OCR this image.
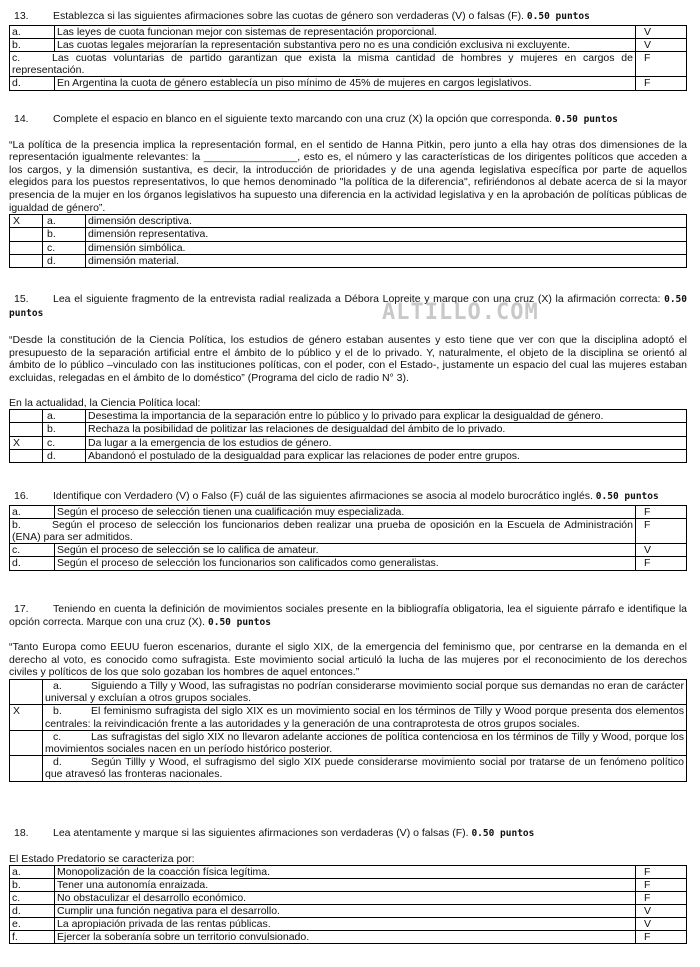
13. Establezca si las siguientes afirmaciones sobre las cuotas de género son verdaderas (V) o falsas (F). 0.50 puntos
a.	Las leyes de cuota funcionan mejor con sistemas de representación proporcional.	V
b.	Las cuotas legales mejorarían la representación substantiva pero no es una condición exclusiva ni excluyente.	V
c. Las cuotas voluntarias de partido garantizan que exista la misma cantidad de hombres y mujeres en cargos de representación.		F
d.	En Argentina la cuota de género establecía un piso mínimo de 45% de mujeres en cargos legislativos.	F
14. Complete el espacio en blanco en el siguiente texto marcando con una cruz (X) la opción que corresponda. 0.50 puntos
“La política de la presencia implica la representación formal, en el sentido de Hanna Pitkin, pero junto a ella hay otras dos dimensiones de la representación igualmente relevantes: la ________________, esto es, el número y las características de los dirigentes políticos que acceden a los cargos, y la dimensión sustantiva, es decir, la introducción de prioridades y de una agenda legislativa específica por parte de aquellos elegidos para los puestos representativos, lo que hemos denominado "la política de la diferencia", refiriéndonos al debate acerca de si la mayor presencia de la mujer en los órganos legislativos ha supuesto una diferencia en la actividad legislativa y en la aprobación de políticas públicas de igualdad de género”.
X	a.	dimensión descriptiva.
	b.	dimensión representativa.
	c.	dimensión simbólica.
	d.	dimensión material.
15. Lea el siguiente fragmento de la entrevista radial realizada a Débora Lopreite y marque con una cruz (X) la afirmación correcta: 0.50 puntos
“Desde la constitución de la Ciencia Política, los estudios de género estaban ausentes y esto tiene que ver con que la disciplina adoptó el presupuesto de la separación artificial entre el ámbito de lo público y el de lo privado. Y, naturalmente, el objeto de la disciplina se orientó al ámbito de lo público –vinculado con las instituciones políticas, con el poder, con el Estado-, justamente un espacio del cual las mujeres estaban excluidas, relegadas en el ámbito de lo doméstico” (Programa del ciclo de radio N° 3).
En la actualidad, la Ciencia Política local:
	a.	Desestima la importancia de la separación entre lo público y lo privado para explicar la desigualdad de género.
	b.	Rechaza la posibilidad de politizar las relaciones de desigualdad del ámbito de lo privado.
X	c.	Da lugar a la emergencia de los estudios de género.
	d.	Abandonó el postulado de la desigualdad para explicar las relaciones de poder entre grupos.
ALTILLO.COM
16. Identifique con Verdadero (V) o Falso (F) cuál de las siguientes afirmaciones se asocia al modelo burocrático inglés. 0.50 puntos
a.	Según el proceso de selección tienen una cualificación muy especializada.	F
b. Según el proceso de selección los funcionarios deben realizar una prueba de oposición en la Escuela de Administración (ENA) para ser admitidos.		F
c.	Según el proceso de selección se lo califica de amateur.	V
d.	Según el proceso de selección los funcionarios son calificados como generalistas.	F
17. Teniendo en cuenta la definición de movimientos sociales presente en la bibliografía obligatoria, lea el siguiente párrafo e identifique la opción correcta. Marque con una cruz (X). 0.50 puntos
“Tanto Europa como EEUU fueron escenarios, durante el siglo XIX, de la emergencia del feminismo que, por centrarse en la demanda en el derecho al voto, es conocido como sufragista. Este movimiento social articuló la lucha de las mujeres por el reconocimiento de los derechos civiles y políticos de los que solo gozaban los hombres de aquel entonces.”
	a. Siguiendo a Tilly y Wood, las sufragistas no podrían considerarse movimiento social porque sus demandas no eran de carácter universal y excluían a otros grupos sociales.
X	b. El feminismo sufragista del siglo XIX es un movimiento social en los términos de Tilly y Wood porque presenta dos elementos centrales: la reivindicación frente a las autoridades y la generación de una contraprotesta de otros grupos sociales.
	c. Las sufragistas del siglo XIX no llevaron adelante acciones de política contenciosa en los términos de Tilly y Wood, porque los movimientos sociales nacen en un período histórico posterior.
	d. Según Tillly y Wood, el sufragismo del siglo XIX puede considerarse movimiento social por tratarse de un fenómeno político que atravesó las fronteras nacionales.
18. Lea atentamente y marque si las siguientes afirmaciones son verdaderas (V) o falsas (F). 0.50 puntos
El Estado Predatorio se caracteriza por:
a.	Monopolización de la coacción física legítima.	F
b.	Tener una autonomía enraizada.	F
c.	No obstaculizar el desarrollo económico.	F
d.	Cumplir una función negativa para el desarrollo.	V
e.	La apropiación privada de las rentas públicas.	V
f.	Ejercer la soberanía sobre un territorio convulsionado.	F
